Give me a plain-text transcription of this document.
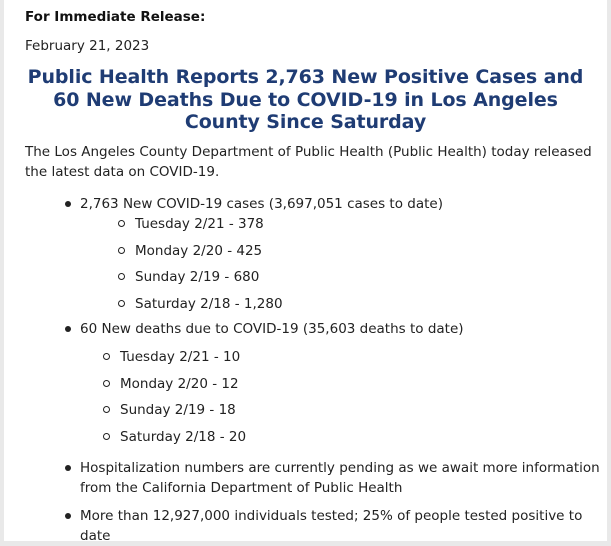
For Immediate Release:
February 21, 2023
Public Health Reports 2,763 New Positive Cases and 60 New Deaths Due to COVID-19 in Los Angeles County Since Saturday

The Los Angeles County Department of Public Health (Public Health) today released the latest data on COVID-19.

2,763 New COVID-19 cases (3,697,051 cases to date)
Tuesday 2/21 - 378
Monday 2/20 - 425
Sunday 2/19 - 680
Saturday 2/18 - 1,280
60 New deaths due to COVID-19 (35,603 deaths to date)
Tuesday 2/21 - 10
Monday 2/20 - 12
Sunday 2/19 - 18
Saturday 2/18 - 20
Hospitalization numbers are currently pending as we await more information
from the California Department of Public Health
More than 12,927,000 individuals tested; 25% of people tested positive to date
